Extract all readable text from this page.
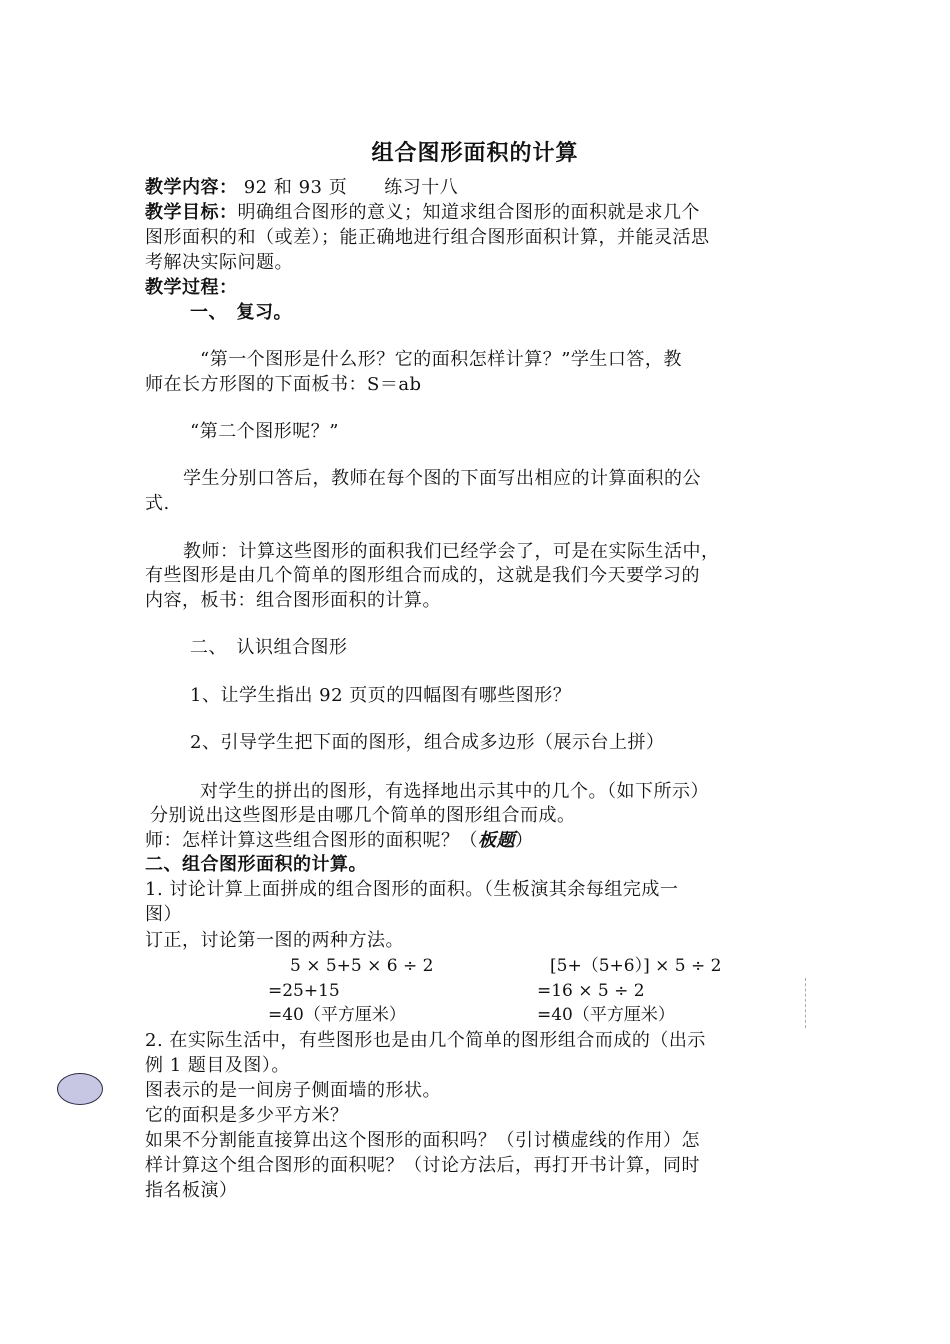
组合图形面积的计算
教学内容： 92 和 93 页　　练习十八
教学目标：明确组合图形的意义；知道求组合图形的面积就是求几个
图形面积的和（或差）；能正确地进行组合图形面积计算，并能灵活思
考解决实际问题。
教学过程：
一、　复习。
“第一个图形是什么形？它的面积怎样计算？”学生口答，教
师在长方形图的下面板书：S＝ab
“第二个图形呢？”
学生分别口答后，教师在每个图的下面写出相应的计算面积的公
式.
教师：计算这些图形的面积我们已经学会了，可是在实际生活中，
有些图形是由几个简单的图形组合而成的，这就是我们今天要学习的
内容，板书：组合图形面积的计算。
二、　认识组合图形
1、让学生指出 92 页页的四幅图有哪些图形？
2、引导学生把下面的图形，组合成多边形（展示台上拼）
对学生的拼出的图形，有选择地出示其中的几个。（如下所示）
分别说出这些图形是由哪几个简单的图形组合而成。
师：怎样计算这些组合图形的面积呢？（板题）
二、组合图形面积的计算。
1. 讨论计算上面拼成的组合图形的面积。（生板演其余每组完成一
图）
订正，讨论第一图的两种方法。
5 × 5+5 × 6 ÷ 2
=25+15
=40（平方厘米）
[5+（5+6）] × 5 ÷ 2
=16 × 5 ÷ 2
=40（平方厘米）
2. 在实际生活中，有些图形也是由几个简单的图形组合而成的（出示
例 1 题目及图）。
图表示的是一间房子侧面墙的形状。
它的面积是多少平方米？
如果不分割能直接算出这个图形的面积吗？（引讨横虚线的作用）怎
样计算这个组合图形的面积呢？（讨论方法后，再打开书计算，同时
指名板演）
